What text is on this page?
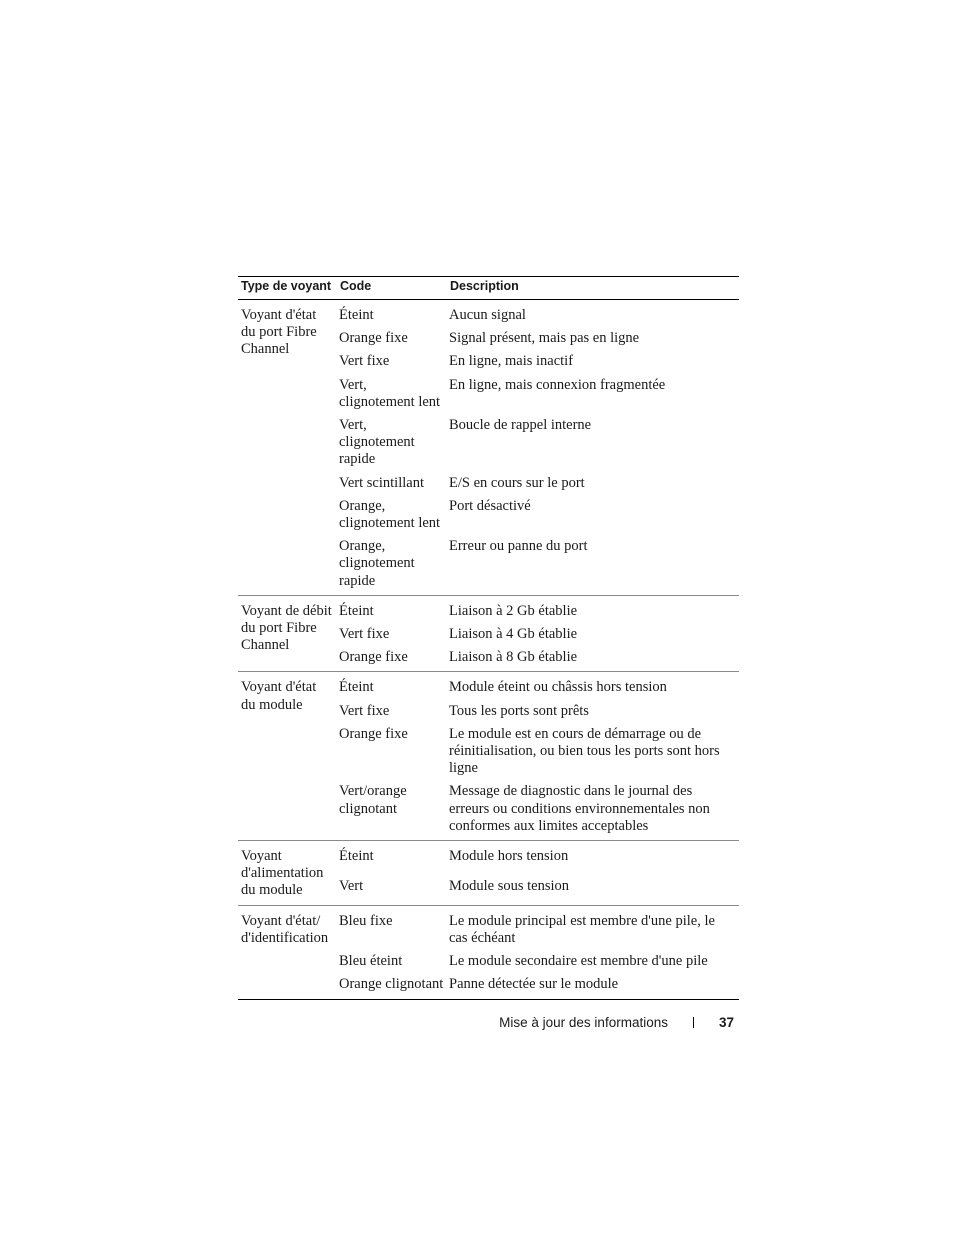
Type de voyant	Code	Description
Voyant d'état du port Fibre Channel	Éteint	Aucun signal
	Orange fixe	Signal présent, mais pas en ligne
	Vert fixe	En ligne, mais inactif
	Vert, clignotement lent	En ligne, mais connexion fragmentée
	Vert, clignotement rapide	Boucle de rappel interne
	Vert scintillant	E/S en cours sur le port
	Orange, clignotement lent	Port désactivé
	Orange, clignotement rapide	Erreur ou panne du port
Voyant de débit du port Fibre Channel	Éteint	Liaison à 2 Gb établie
	Vert fixe	Liaison à 4 Gb établie
	Orange fixe	Liaison à 8 Gb établie
Voyant d'état du module	Éteint	Module éteint ou châssis hors tension
	Vert fixe	Tous les ports sont prêts
	Orange fixe	Le module est en cours de démarrage ou de réinitialisation, ou bien tous les ports sont hors ligne
	Vert/orange clignotant	Message de diagnostic dans le journal des erreurs ou conditions environnementales non conformes aux limites acceptables
Voyant d'alimentation du module	Éteint	Module hors tension
	Vert	Module sous tension
Voyant d'état/ d'identification	Bleu fixe	Le module principal est membre d'une pile, le cas échéant
	Bleu éteint	Le module secondaire est membre d'une pile
	Orange clignotant	Panne détectée sur le module
Mise à jour des informations	37
